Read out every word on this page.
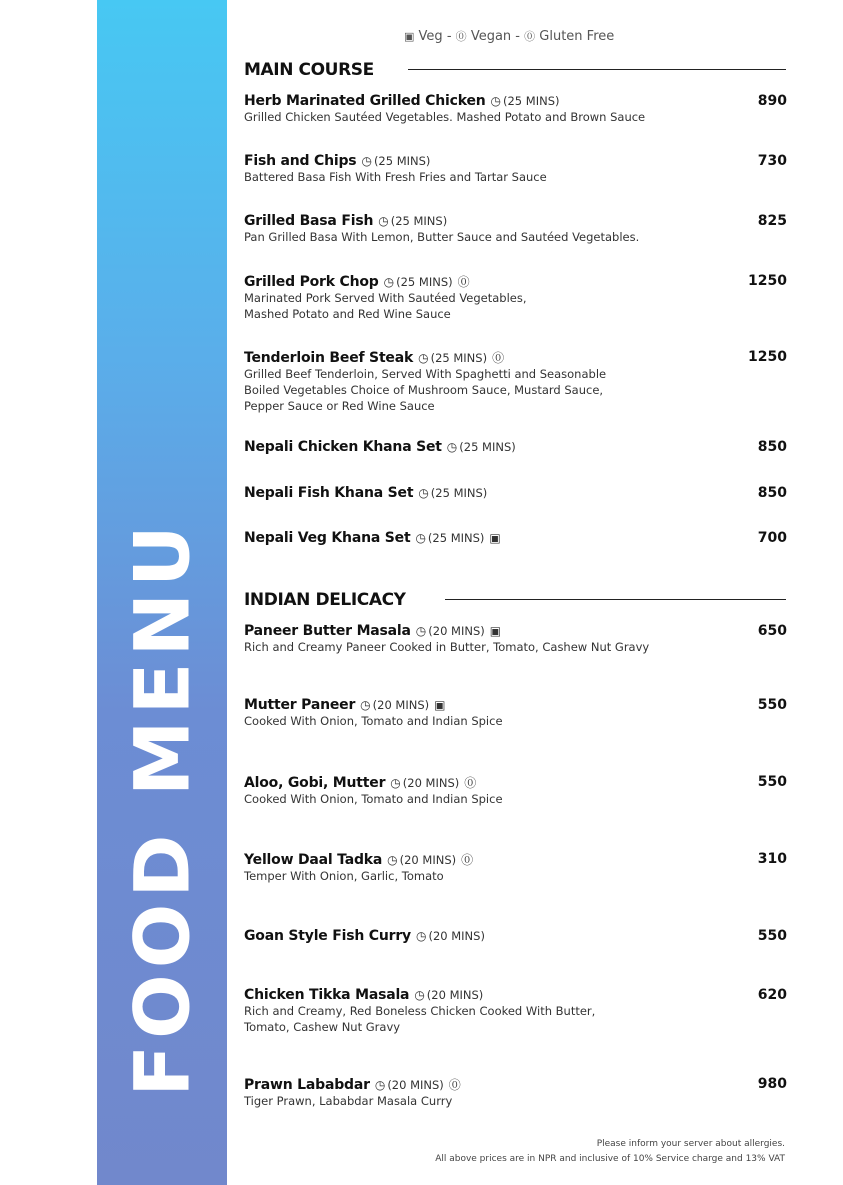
FOOD MENU
▣ Veg - ⓪ Vegan - ⓪ Gluten Free
MAIN COURSE
Herb Marinated Grilled Chicken ◷ (25 MINS)	890
Grilled Chicken Sautéed Vegetables. Mashed Potato and Brown Sauce
Fish and Chips ◷ (25 MINS)	730
Battered Basa Fish With Fresh Fries and Tartar Sauce
Grilled Basa Fish ◷ (25 MINS)	825
Pan Grilled Basa With Lemon, Butter Sauce and Sautéed Vegetables.
Grilled Pork Chop ◷ (25 MINS) ⓪	1250
Marinated Pork Served With Sautéed Vegetables,
Mashed Potato and Red Wine Sauce
Tenderloin Beef Steak ◷ (25 MINS) ⓪	1250
Grilled Beef Tenderloin, Served With Spaghetti and Seasonable
Boiled Vegetables Choice of Mushroom Sauce, Mustard Sauce,
Pepper Sauce or Red Wine Sauce
Nepali Chicken Khana Set ◷ (25 MINS)	850
Nepali Fish Khana Set ◷ (25 MINS)	850
Nepali Veg Khana Set ◷ (25 MINS) ▣	700
INDIAN DELICACY
Paneer Butter Masala ◷ (20 MINS) ▣	650
Rich and Creamy Paneer Cooked in Butter, Tomato, Cashew Nut Gravy
Mutter Paneer ◷ (20 MINS) ▣	550
Cooked With Onion, Tomato and Indian Spice
Aloo, Gobi, Mutter ◷ (20 MINS) ⓪	550
Cooked With Onion, Tomato and Indian Spice
Yellow Daal Tadka ◷ (20 MINS) ⓪	310
Temper With Onion, Garlic, Tomato
Goan Style Fish Curry ◷ (20 MINS)	550
Chicken Tikka Masala ◷ (20 MINS)	620
Rich and Creamy, Red Boneless Chicken Cooked With Butter,
Tomato, Cashew Nut Gravy
Prawn Lababdar ◷ (20 MINS) ⓪	980
Tiger Prawn, Lababdar Masala Curry
Please inform your server about allergies.
All above prices are in NPR and inclusive of 10% Service charge and 13% VAT
